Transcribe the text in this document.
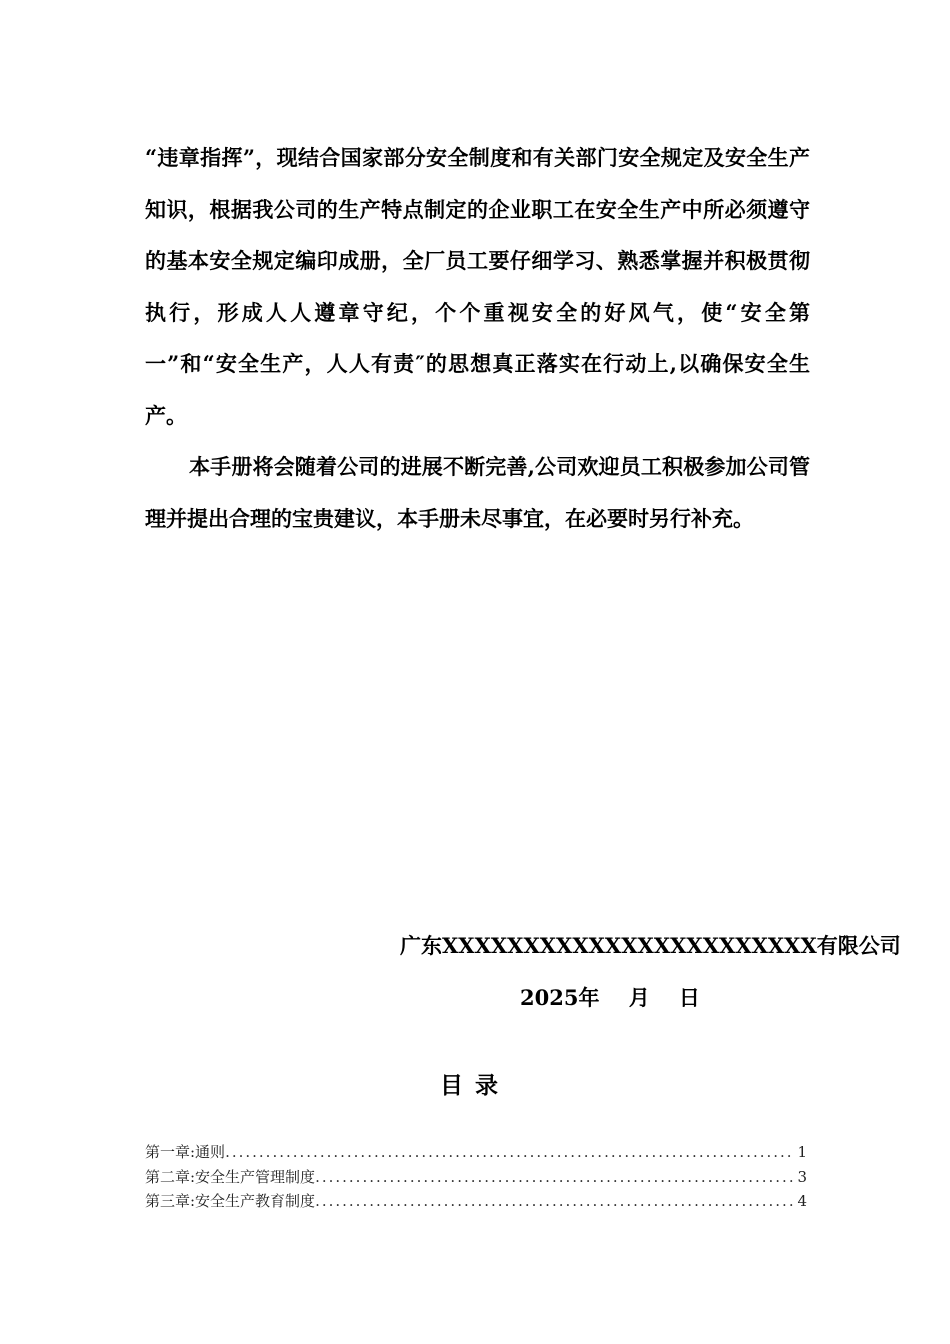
“违章指挥”，现结合国家部分安全制度和有关部门安全规定及安全生产知识，根据我公司的生产特点制定的企业职工在安全生产中所必须遵守的基本安全规定编印成册，全厂员工要仔细学习、熟悉掌握并积极贯彻执行，形成人人遵章守纪，个个重视安全的好风气，使“安全第一”和“安全生产，人人有责″的思想真正落实在行动上,以确保安全生产。

本手册将会随着公司的进展不断完善,公司欢迎员工积极参加公司管理并提出合理的宝贵建议，本手册未尽事宜，在必要时另行补充。

广东XXXXXXXXXXXXXXXXXXXXXXX有限公司
2025年    月    日
目录
第一章:通则 .....	1
第二章:安全生产管理制度 .....	3
第三章:安全生产教育制度 .....	4
